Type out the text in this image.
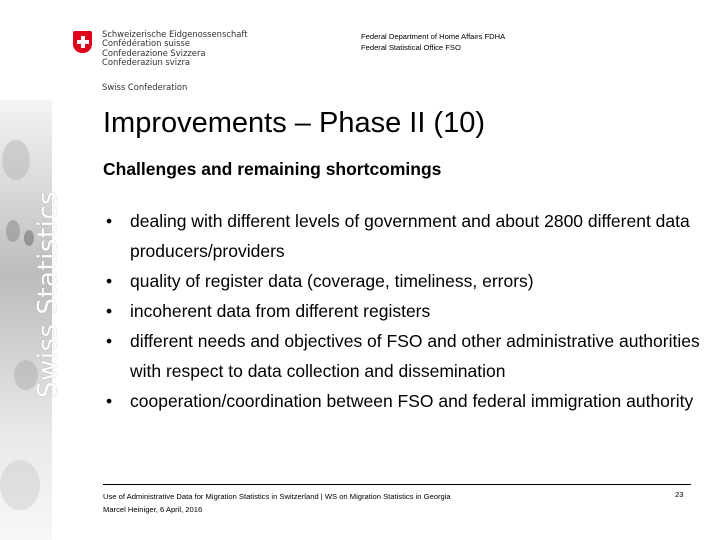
Swiss Statistics
Schweizerische Eidgenossenschaft
Confédération suisse
Confederazione Svizzera
Confederaziun svizra
Swiss Confederation
Federal Department of Home Affairs FDHA
Federal Statistical Office FSO
Improvements – Phase II (10)
Challenges and remaining shortcomings
• dealing with different levels of government and about 2800 different data producers/providers
• quality of register data (coverage, timeliness, errors)
• incoherent data from different registers
• different needs and objectives of FSO and other administrative authorities with respect to data collection and dissemination
• cooperation/coordination between FSO and federal immigration authority
Use of Administrative Data for Migration Statistics in Switzerland | WS on Migration Statistics in Georgia
Marcel Heiniger, 6 April, 2016
23
